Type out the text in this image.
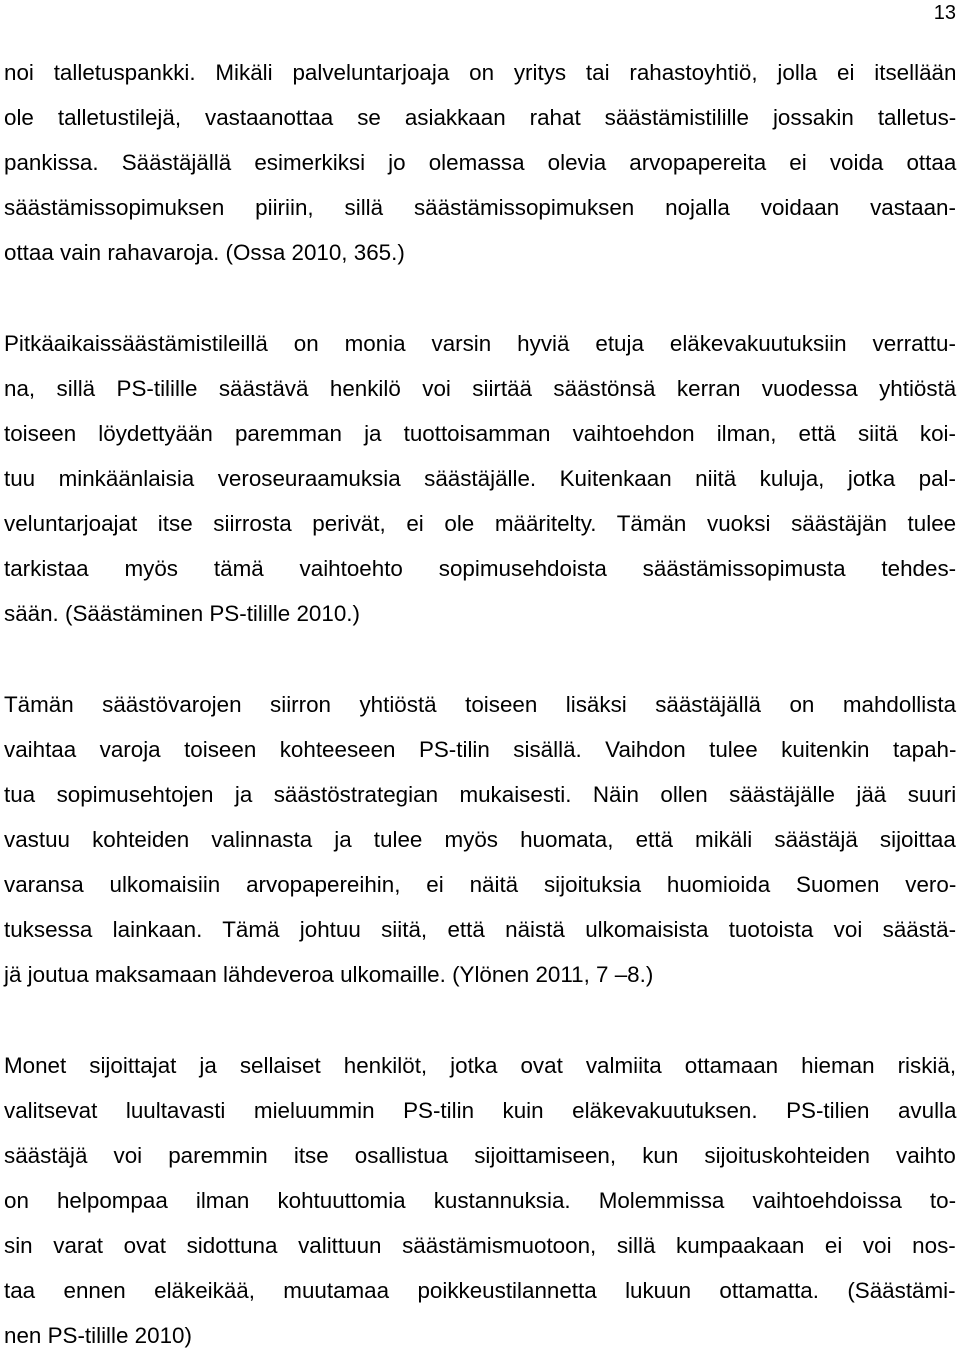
13
noi talletuspankki. Mikäli palveluntarjoaja on yritys tai rahastoyhtiö, jolla ei itsellään
ole talletustilejä, vastaanottaa se asiakkaan rahat säästämistilille jossakin talletus-
pankissa. Säästäjällä esimerkiksi jo olemassa olevia arvopapereita ei voida ottaa
säästämissopimuksen piiriin, sillä säästämissopimuksen nojalla voidaan vastaan-
ottaa vain rahavaroja. (Ossa 2010, 365.)
Pitkäaikaissäästämistileillä on monia varsin hyviä etuja eläkevakuutuksiin verrattu-
na, sillä PS-tilille säästävä henkilö voi siirtää säästönsä kerran vuodessa yhtiöstä
toiseen löydettyään paremman ja tuottoisamman vaihtoehdon ilman, että siitä koi-
tuu minkäänlaisia veroseuraamuksia säästäjälle. Kuitenkaan niitä kuluja, jotka pal-
veluntarjoajat itse siirrosta perivät, ei ole määritelty. Tämän vuoksi säästäjän tulee
tarkistaa myös tämä vaihtoehto sopimusehdoista säästämissopimusta tehdes-
sään. (Säästäminen PS-tilille 2010.)
Tämän säästövarojen siirron yhtiöstä toiseen lisäksi säästäjällä on mahdollista
vaihtaa varoja toiseen kohteeseen PS-tilin sisällä. Vaihdon tulee kuitenkin tapah-
tua sopimusehtojen ja säästöstrategian mukaisesti. Näin ollen säästäjälle jää suuri
vastuu kohteiden valinnasta ja tulee myös huomata, että mikäli säästäjä sijoittaa
varansa ulkomaisiin arvopapereihin, ei näitä sijoituksia huomioida Suomen vero-
tuksessa lainkaan. Tämä johtuu siitä, että näistä ulkomaisista tuotoista voi säästä-
jä joutua maksamaan lähdeveroa ulkomaille. (Ylönen 2011, 7 –8.)
Monet sijoittajat ja sellaiset henkilöt, jotka ovat valmiita ottamaan hieman riskiä,
valitsevat luultavasti mieluummin PS-tilin kuin eläkevakuutuksen. PS-tilien avulla
säästäjä voi paremmin itse osallistua sijoittamiseen, kun sijoituskohteiden vaihto
on helpompaa ilman kohtuuttomia kustannuksia. Molemmissa vaihtoehdoissa to-
sin varat ovat sidottuna valittuun säästämismuotoon, sillä kumpaakaan ei voi nos-
taa ennen eläkeikää, muutamaa poikkeustilannetta lukuun ottamatta. (Säästämi-
nen PS-tilille 2010)
